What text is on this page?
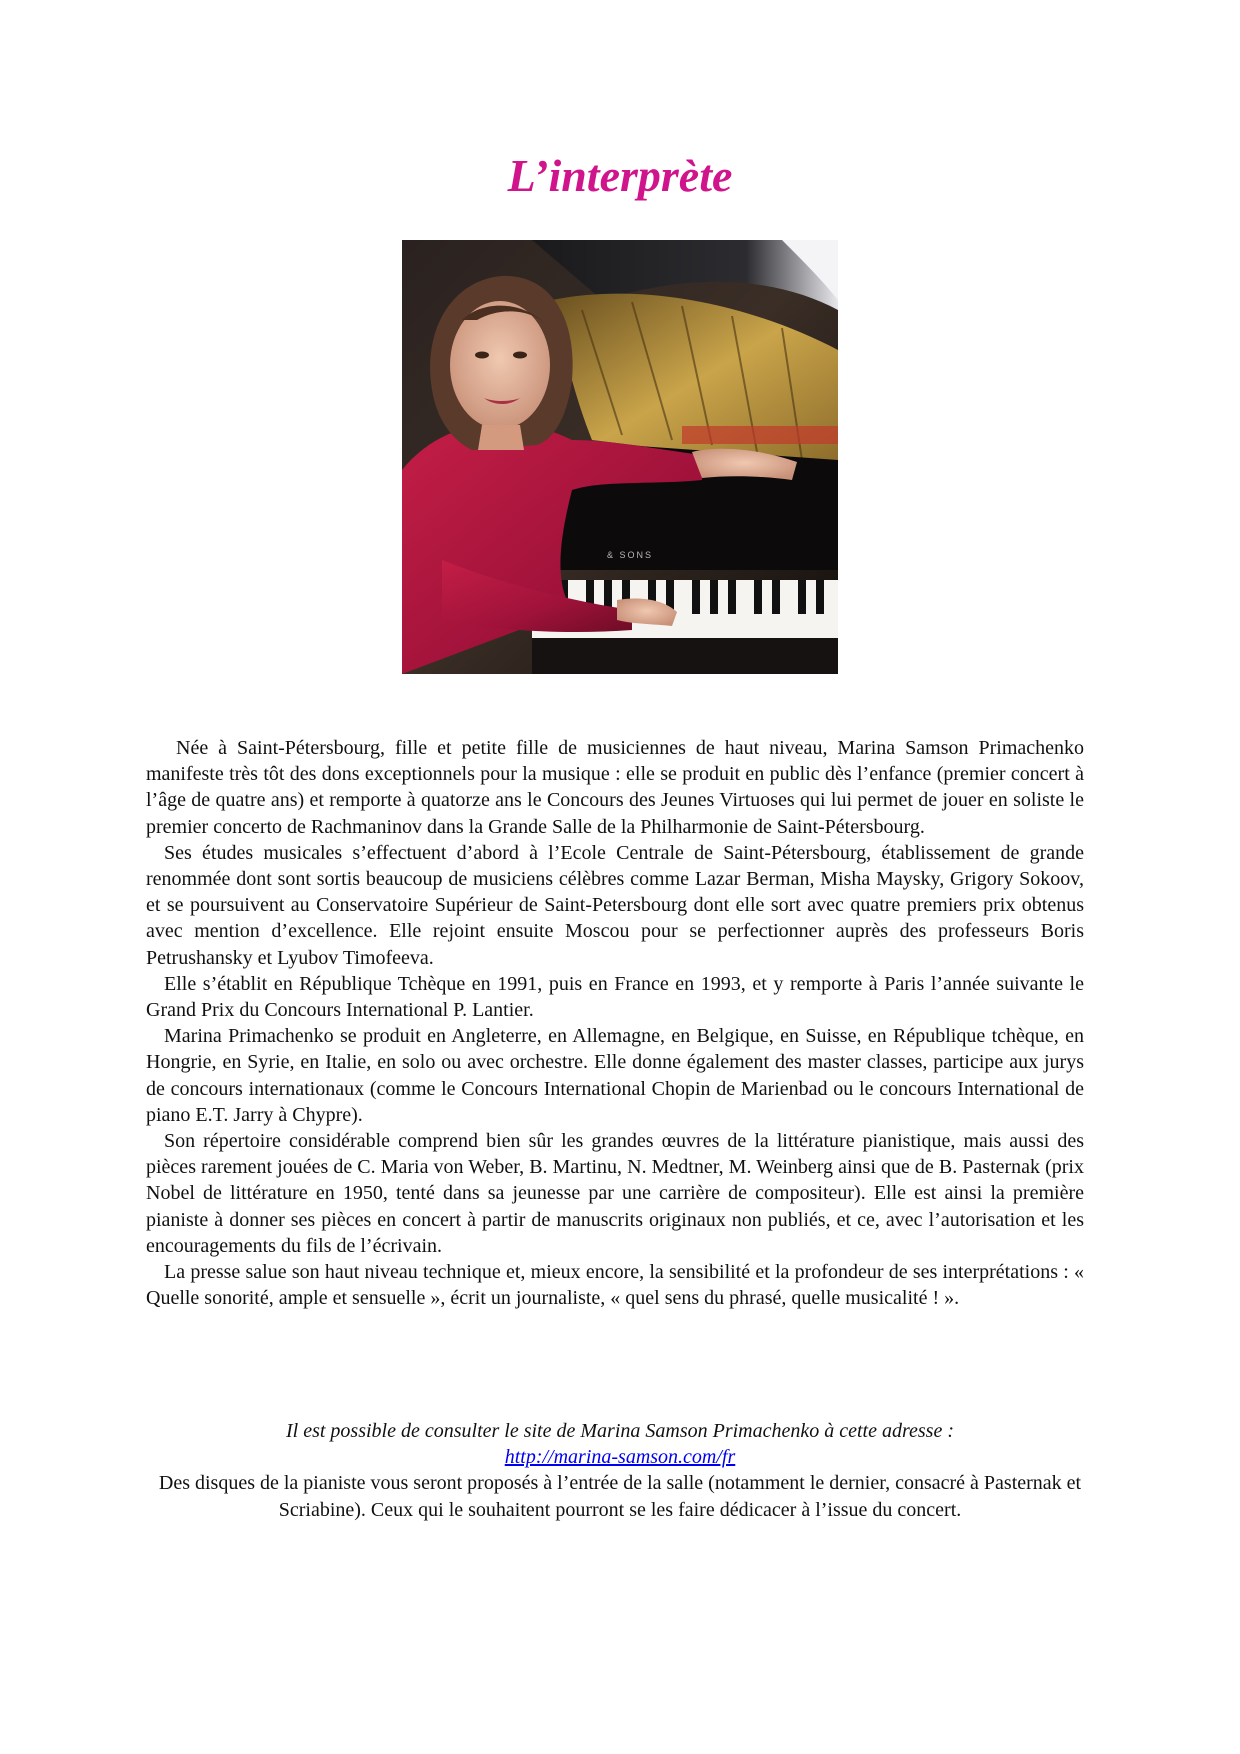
L’interprète
& SONS

Née à Saint-Pétersbourg, fille et petite fille de musiciennes de haut niveau, Marina Samson Primachenko manifeste très tôt des dons exceptionnels pour la musique : elle se produit en public dès l’enfance (premier concert à l’âge de quatre ans) et remporte à quatorze ans le Concours des Jeunes Virtuoses qui lui permet de jouer en soliste le premier concerto de Rachmaninov dans la Grande Salle de la Philharmonie de Saint-Pétersbourg.

Ses études musicales s’effectuent d’abord à l’Ecole Centrale de Saint-Pétersbourg, établissement de grande renommée dont sont sortis beaucoup de musiciens célèbres comme Lazar Berman, Misha Maysky, Grigory Sokoov, et se poursuivent au Conservatoire Supérieur de Saint-Petersbourg dont elle sort avec quatre premiers prix obtenus avec mention d’excellence. Elle rejoint ensuite Moscou pour se perfectionner auprès des professeurs Boris Petrushansky et Lyubov Timofeeva.

Elle s’établit en République Tchèque en 1991, puis en France en 1993, et y remporte à Paris l’année suivante le Grand Prix du Concours International P. Lantier.

Marina Primachenko se produit en Angleterre, en Allemagne, en Belgique, en Suisse, en République tchèque, en Hongrie, en Syrie, en Italie, en solo ou avec orchestre. Elle donne également des master classes, participe aux jurys de concours internationaux (comme le Concours International Chopin de Marienbad ou le concours International de piano E.T. Jarry à Chypre).

Son répertoire considérable comprend bien sûr les grandes œuvres de la littérature pianistique, mais aussi des pièces rarement jouées de C. Maria von Weber, B. Martinu, N. Medtner, M. Weinberg ainsi que de B. Pasternak (prix Nobel de littérature en 1950, tenté dans sa jeunesse par une carrière de compositeur). Elle est ainsi la première pianiste à donner ses pièces en concert à partir de manuscrits originaux non publiés, et ce, avec l’autorisation et les encouragements du fils de l’écrivain.

La presse salue son haut niveau technique et, mieux encore, la sensibilité et la profondeur de ses interprétations : « Quelle sonorité, ample et sensuelle », écrit un journaliste, « quel sens du phrasé, quelle musicalité ! ».

Il est possible de consulter le site de Marina Samson Primachenko à cette adresse :
http://marina-samson.com/fr
Des disques de la pianiste vous seront proposés à l’entrée de la salle (notamment le dernier, consacré à Pasternak et Scriabine). Ceux qui le souhaitent pourront se les faire dédicacer à l’issue du concert.
